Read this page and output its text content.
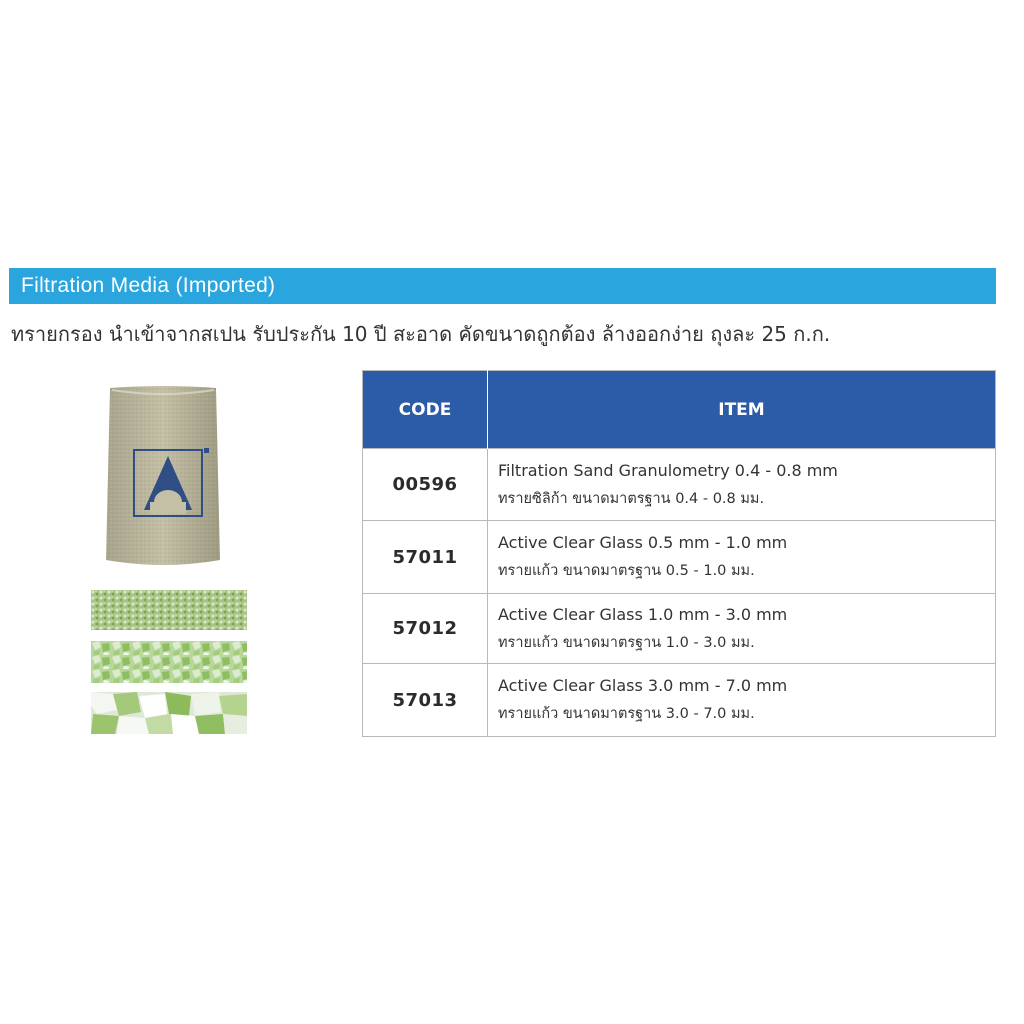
Filtration Media (Imported)
ทรายกรอง นำเข้าจากสเปน รับประกัน 10 ปี สะอาด คัดขนาดถูกต้อง ล้างออกง่าย ถุงละ 25 ก.ก.
CODE	ITEM
00596	Filtration Sand Granulometry 0.4 - 0.8 mm
ทรายซิลิก้า ขนาดมาตรฐาน 0.4 - 0.8 มม.

57011	Active Clear Glass 0.5 mm - 1.0 mm
ทรายแก้ว ขนาดมาตรฐาน 0.5 - 1.0 มม.

57012	Active Clear Glass 1.0 mm - 3.0 mm
ทรายแก้ว ขนาดมาตรฐาน 1.0 - 3.0 มม.

57013	Active Clear Glass 3.0 mm - 7.0 mm
ทรายแก้ว ขนาดมาตรฐาน 3.0 - 7.0 มม.
